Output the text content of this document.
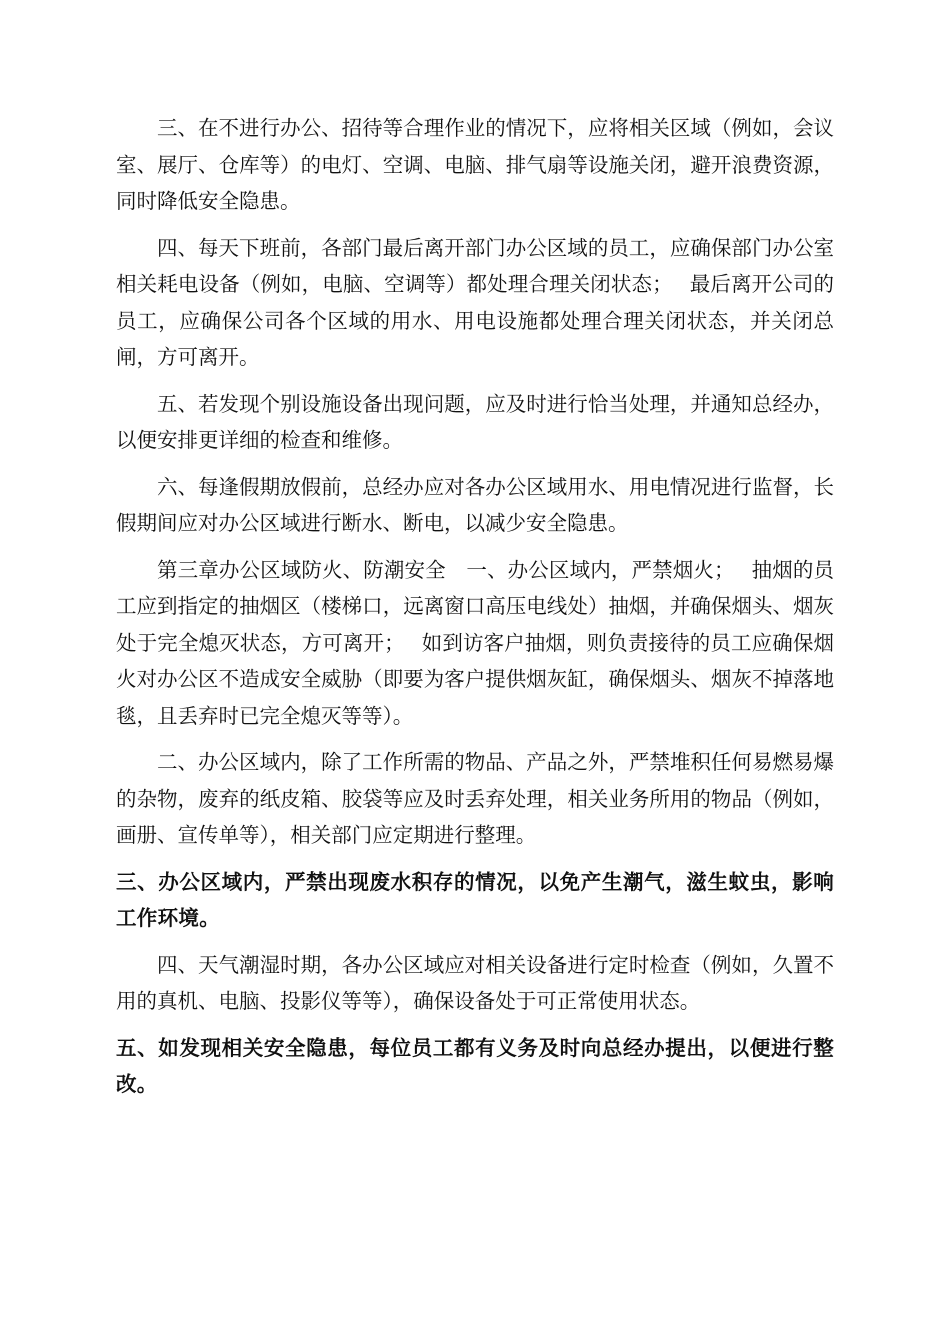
三、在不进行办公、招待等合理作业的情况下，应将相关区域（例如，会议室、展厅、仓库等）的电灯、空调、电脑、排气扇等设施关闭，避开浪费资源，同时降低安全隐患。

四、每天下班前，各部门最后离开部门办公区域的员工，应确保部门办公室相关耗电设备（例如，电脑、空调等）都处理合理关闭状态；　 最后离开公司的员工，应确保公司各个区域的用水、用电设施都处理合理关闭状态，并关闭总闸，方可离开。

五、若发现个别设施设备出现问题，应及时进行恰当处理，并通知总经办，以便安排更详细的检查和维修。

六、每逢假期放假前，总经办应对各办公区域用水、用电情况进行监督，长假期间应对办公区域进行断水、断电，以减少安全隐患。

第三章办公区域防火、防潮安全　一、办公区域内，严禁烟火；　 抽烟的员工应到指定的抽烟区（楼梯口，远离窗口高压电线处）抽烟，并确保烟头、烟灰处于完全熄灭状态，方可离开；　 如到访客户抽烟，则负责接待的员工应确保烟火对办公区不造成安全威胁（即要为客户提供烟灰缸，确保烟头、烟灰不掉落地毯，且丢弃时已完全熄灭等等）。

二、办公区域内，除了工作所需的物品、产品之外，严禁堆积任何易燃易爆的杂物，废弃的纸皮箱、胶袋等应及时丢弃处理，相关业务所用的物品（例如，画册、宣传单等），相关部门应定期进行整理。

三、办公区域内，严禁出现废水积存的情况，以免产生潮气，滋生蚊虫，影响工作环境。

四、天气潮湿时期，各办公区域应对相关设备进行定时检查（例如，久置不用的真机、电脑、投影仪等等），确保设备处于可正常使用状态。

五、如发现相关安全隐患，每位员工都有义务及时向总经办提出，以便进行整改。
